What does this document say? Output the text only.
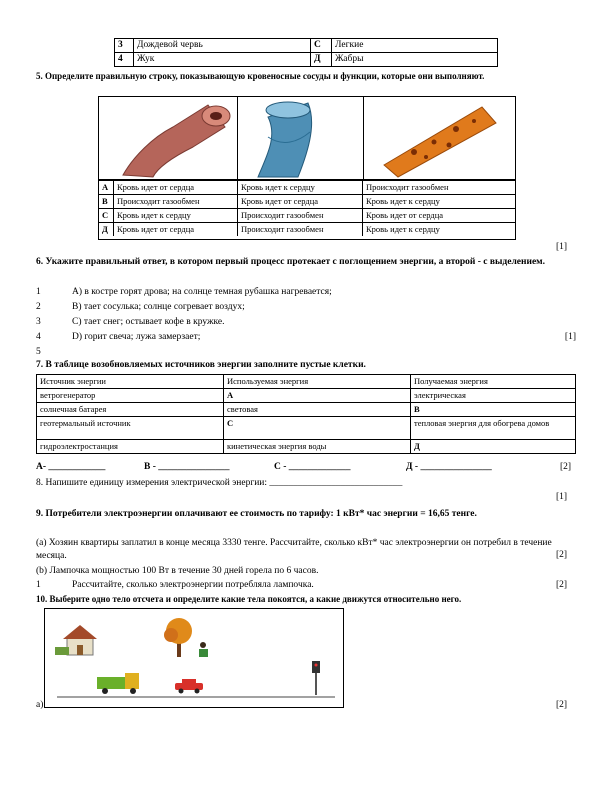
3	Дождевой червь	С	Легкие
4	Жук	Д	Жабры
5. Определите правильную строку, показывающую кровеносные сосуды и функции, которые они выполняют.
А	Кровь идет от сердца	Кровь идет к сердцу	Происходит газообмен
В	Происходит газообмен	Кровь идет от сердца	Кровь идет к сердцу
С	Кровь идет к сердцу	Происходит газообмен	Кровь идет от сердца
Д	Кровь идет от сердца	Происходит газообмен	Кровь идет к сердцу
[1]
6. Укажите правильный ответ, в котором первый процесс протекает с поглощением энергии, а второй - с выделением.
1	А) в костре горят дрова; на солнце темная рубашка нагревается;
2	В) тает сосулька; солнце согревает воздух;
3	С) тает снег; остывает кофе в кружке.
4	D) горит свеча; лужа замерзает;	[1]
5
7. В таблице возобновляемых источников энергии заполните пустые клетки.
Источник энергии	Используемая энергия	Получаемая энергия
ветрогенератор	А	электрическая
солнечная батарея	световая	В
геотермальный источник	С	тепловая энергия для обогрева домов
гидроэлектростанция	кинетическая энергия воды	Д
А- ____________	В - _______________	С - _____________	Д - _______________	[2]
8. Напишите единицу измерения электрической энергии: ____________________________
[1]
9. Потребители электроэнергии оплачивают ее стоимость по тарифу: 1 кВт* час энергии = 16,65 тенге.
(а) Хозяин квартиры заплатил в конце месяца 3330 тенге. Рассчитайте, сколько кВт* час электроэнергии он потребил в течение месяца.	[2]
(b) Лампочка мощностью 100 Вт в течение 30 дней горела по 6 часов.
1	Рассчитайте, сколько электроэнергии потребляла лампочка.	[2]
10. Выберите одно тело отсчета и определите какие тела покоятся, а какие движутся относительно него.
а)	[2]
